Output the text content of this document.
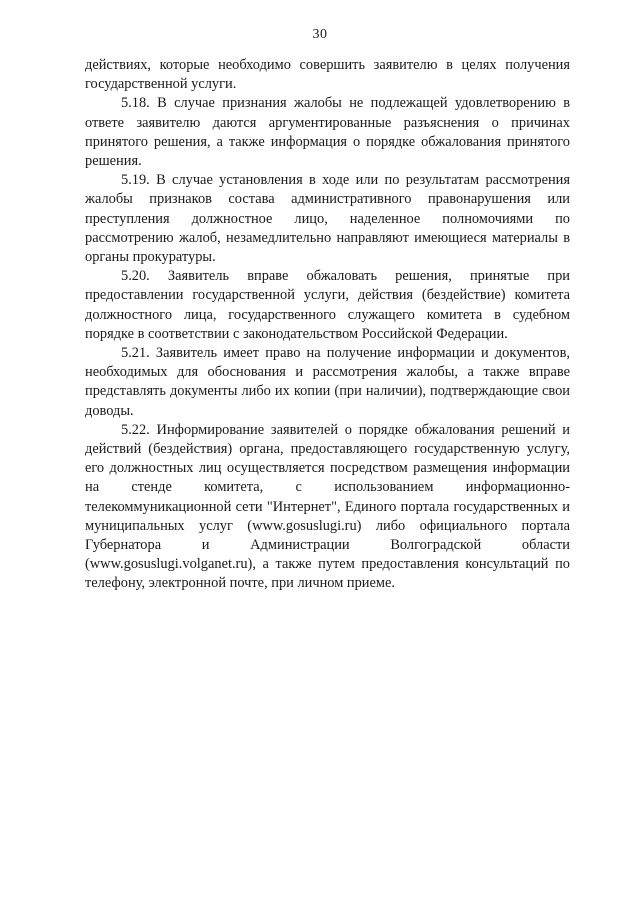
30

действиях, которые необходимо совершить заявителю в целях получения государственной услуги.

5.18. В случае признания жалобы не подлежащей удовлетворению в ответе заявителю даются аргументированные разъяснения о причинах принятого решения, а также информация о порядке обжалования принятого решения.

5.19. В случае установления в ходе или по результатам рассмотрения жалобы признаков состава административного правонарушения или преступления должностное лицо, наделенное полномочиями по рассмотрению жалоб, незамедлительно направляют имеющиеся материалы в органы прокуратуры.

5.20. Заявитель вправе обжаловать решения, принятые при предоставлении государственной услуги, действия (бездействие) комитета должностного лица, государственного служащего комитета в судебном порядке в соответствии с законодательством Российской Федерации.

5.21. Заявитель имеет право на получение информации и документов, необходимых для обоснования и рассмотрения жалобы, а также вправе представлять документы либо их копии (при наличии), подтверждающие свои доводы.

5.22. Информирование заявителей о порядке обжалования решений и действий (бездействия) органа, предоставляющего государственную услугу, его должностных лиц осуществляется посредством размещения информации на стенде комитета, с использованием информационно-телекоммуникационной сети "Интернет", Единого портала государственных и муниципальных услуг (www.gosuslugi.ru) либо официального портала Губернатора и Администрации Волгоградской области (www.gosuslugi.volganet.ru), а также путем предоставления консультаций по телефону, электронной почте, при личном приеме.
